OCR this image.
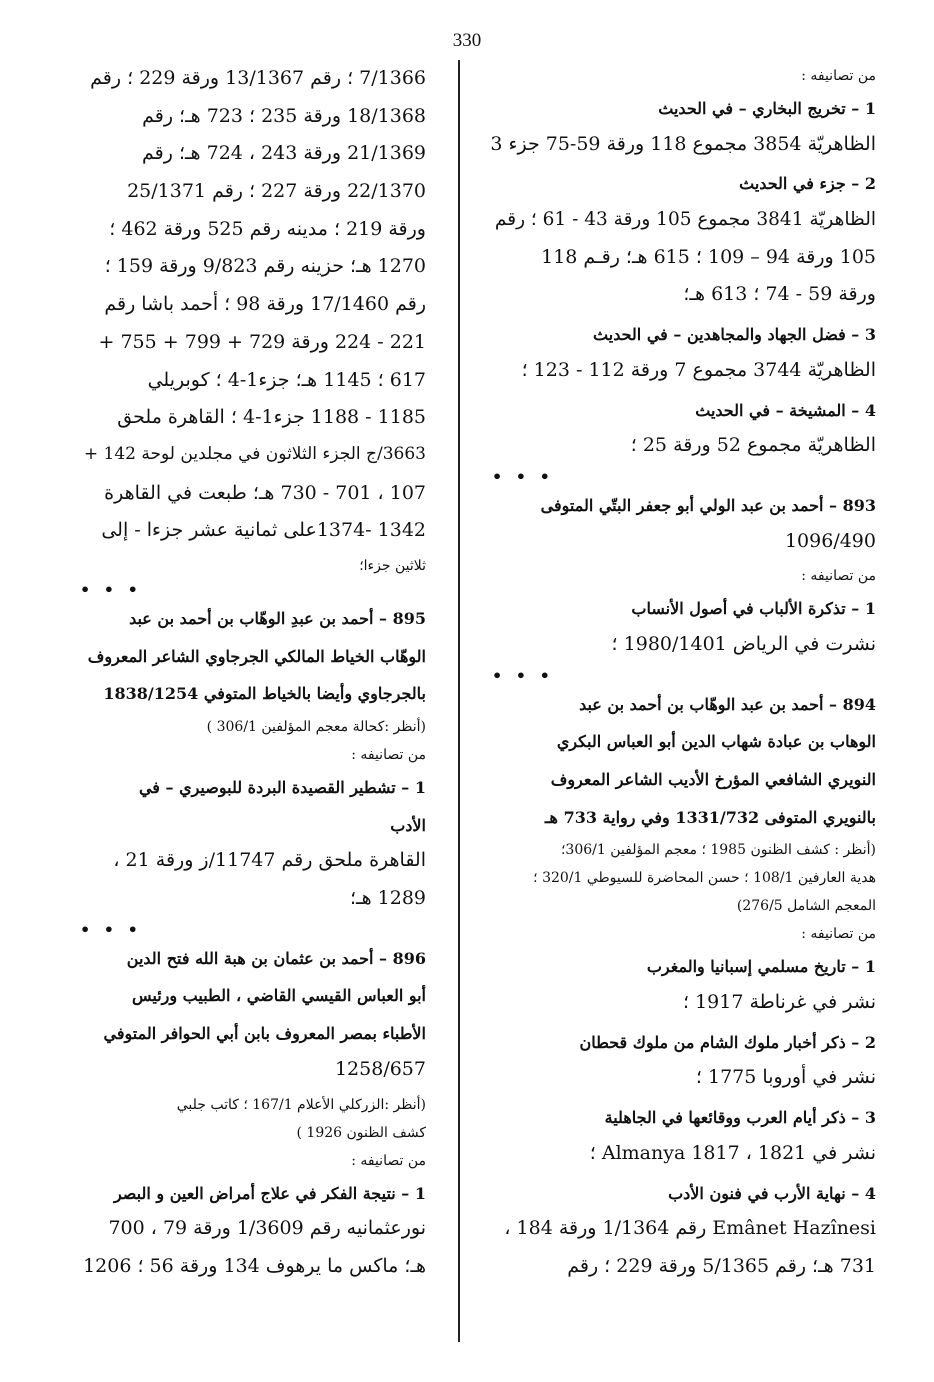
330
من تصانيفه :
1 – تخريج البخاري – في الحديث
الظاهريّة 3854 مجموع 118 ورقة 59-75 جزء 3
2 – جزء في الحديث
الظاهريّة 3841 مجموع 105 ورقة 43 - 61 ؛ رقم
105 ورقة 94 – 109 ؛ 615 هـ؛ رقـم 118
ورقة 59 - 74 ؛ 613 هـ؛
3 – فضل الجهاد والمجاهدين – في الحديث
الظاهريّة 3744 مجموع 7 ورقة 112 - 123 ؛
4 – المشيخة – في الحديث
الظاهريّة مجموع 52 ورقة 25 ؛
• • •
893 – أحمد بن عبد الولي أبو جعفر البتّي المتوفى
1096/490
من تصانيفه :
1 – تذكرة الألباب في أصول الأنساب
نشرت في الرياض 1980/1401 ؛
• • •
894 – أحمد بن عبد الوهّاب بن أحمد بن عبد
الوهاب بن عبادة شهاب الدين أبو العباس البكري
النويري الشافعي المؤرخ الأديب الشاعر المعروف
بالنويري المتوفى 1331/732 وفي رواية 733 هـ
(أنظر : كشف الظنون 1985 ؛ معجم المؤلفين 306/1؛
هدية العارفين 108/1 ؛ حسن المحاضرة للسيوطي 320/1 ؛
المعجم الشامل 276/5)
من تصانيفه :
1 – تاريخ مسلمي إسبانيا والمغرب
نشر في غرناطة 1917 ؛
2 – ذكر أخبار ملوك الشام من ملوك قحطان
نشر في أوروبا 1775 ؛
3 – ذكر أيام العرب ووقائعها في الجاهلية
نشر في Almanya 1817 ، 1821 ؛
4 – نهاية الأرب في فنون الأدب
Emânet Hazînesi رقم 1/1364 ورقة 184 ،
731 هـ؛ رقم 5/1365 ورقة 229 ؛ رقم
7/1366 ؛ رقم 13/1367 ورقة 229 ؛ رقم
18/1368 ورقة 235 ؛ 723 هـ؛ رقم
21/1369 ورقة 243 ، 724 هـ؛ رقم
22/1370 ورقة 227 ؛ رقم 25/1371
ورقة 219 ؛ مدينه رقم 525 ورقة 462 ؛
1270 هـ؛ حزينه رقم 9/823 ورقة 159 ؛
رقم 17/1460 ورقة 98 ؛ أحمد باشا رقم
221 - 224 ورقة 729 + 799 + 755 +
617 ؛ 1145 هـ؛ جزء1-4 ؛ كوبريلي
1185 - 1188 جزء1-4 ؛ القاهرة ملحق
3663/ج الجزء الثلاثون في مجلدين لوحة 142 +
107 ، 701 - 730 هـ؛ طبعت في القاهرة
1342 -1374على ثمانية عشر جزءا - إلى
ثلاثين جزءا؛
• • •
895 – أحمد بن عبدِ الوهّاب بن أحمد بن عبد
الوهّاب الخياط المالكي الجرجاوي الشاعر المعروف
بالجرجاوي وأيضا بالخياط المتوفي 1838/1254
(أنظر :كحالة معجم المؤلفين 306/1 )
من تصانيفه :
1 – تشطير القصيدة البردة للبوصيري – في
الأدب
القاهرة ملحق رقم 11747/ز ورقة 21 ،
1289 هـ؛
• • •
896 – أحمد بن عثمان بن هبة الله فتح الدين
أبو العباس القيسي القاضي ، الطبيب ورئيس
الأطباء بمصر المعروف بابن أبي الحوافر المتوفي
1258/657
(أنظر :الزركلي الأعلام 167/1 ؛ كاتب جلبي
كشف الظنون 1926 )
من تصانيفه :
1 – نتيجة الفكر في علاج أمراض العين و البصر
نورعثمانيه رقم 1/3609 ورقة 79 ، 700
هـ؛ ماكس ما يرهوف 134 ورقة 56 ؛ 1206
